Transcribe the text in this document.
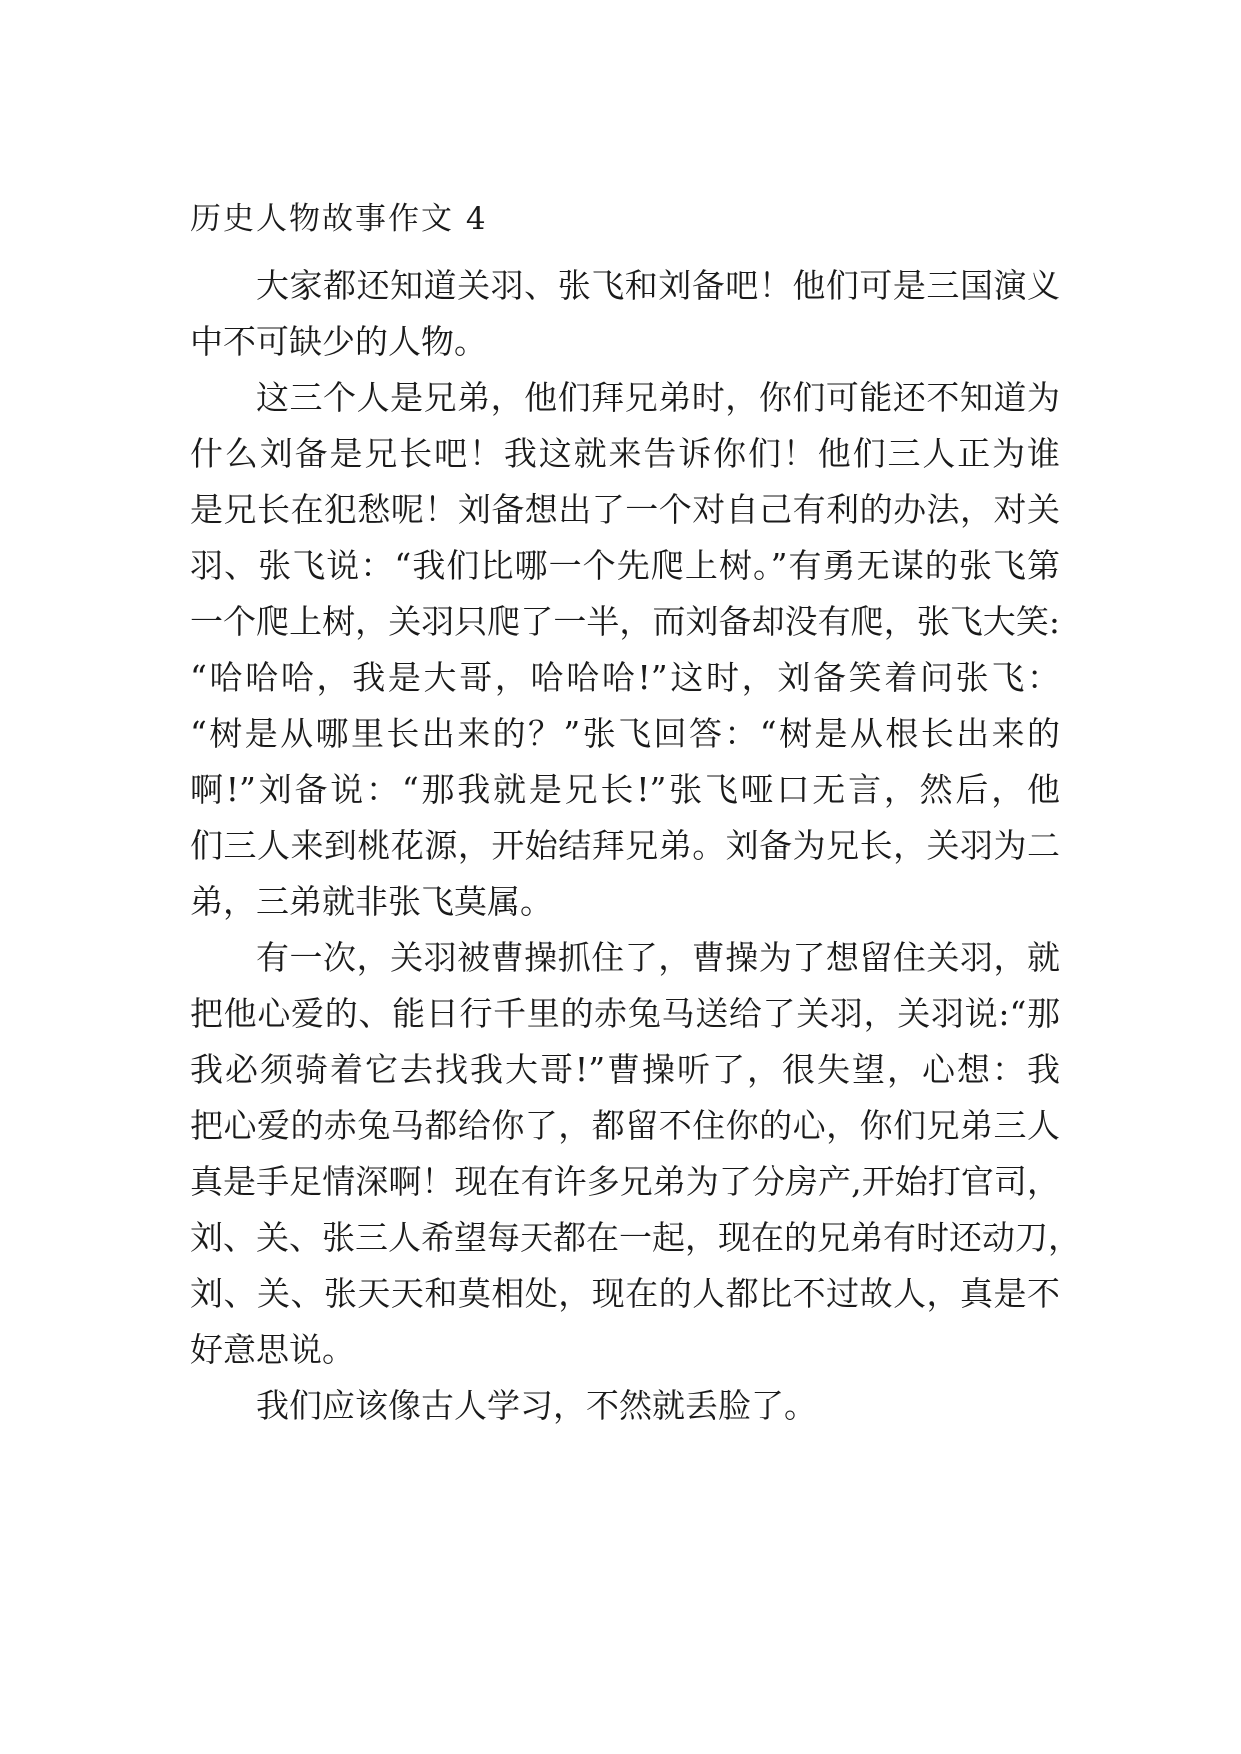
历史人物故事作文 4
大家都还知道关羽、张飞和刘备吧！他们可是三国演义
中不可缺少的人物。
这三个人是兄弟，他们拜兄弟时，你们可能还不知道为
什么刘备是兄长吧！我这就来告诉你们！他们三人正为谁
是兄长在犯愁呢！刘备想出了一个对自己有利的办法，对关
羽、张飞说：“我们比哪一个先爬上树。”有勇无谋的张飞第
一个爬上树，关羽只爬了一半，而刘备却没有爬，张飞大笑:
“哈哈哈，我是大哥，哈哈哈!”这时，刘备笑着问张飞：
“树是从哪里长出来的？”张飞回答：“树是从根长出来的
啊!”刘备说：“那我就是兄长!”张飞哑口无言，然后，他
们三人来到桃花源，开始结拜兄弟。刘备为兄长，关羽为二
弟，三弟就非张飞莫属。
有一次，关羽被曹操抓住了，曹操为了想留住关羽，就
把他心爱的、能日行千里的赤兔马送给了关羽，关羽说:“那
我必须骑着它去找我大哥!”曹操听了，很失望，心想：我
把心爱的赤兔马都给你了，都留不住你的心，你们兄弟三人
真是手足情深啊！现在有许多兄弟为了分房产,开始打官司，
刘、关、张三人希望每天都在一起，现在的兄弟有时还动刀，
刘、关、张天天和莫相处，现在的人都比不过故人，真是不
好意思说。
我们应该像古人学习，不然就丢脸了。
